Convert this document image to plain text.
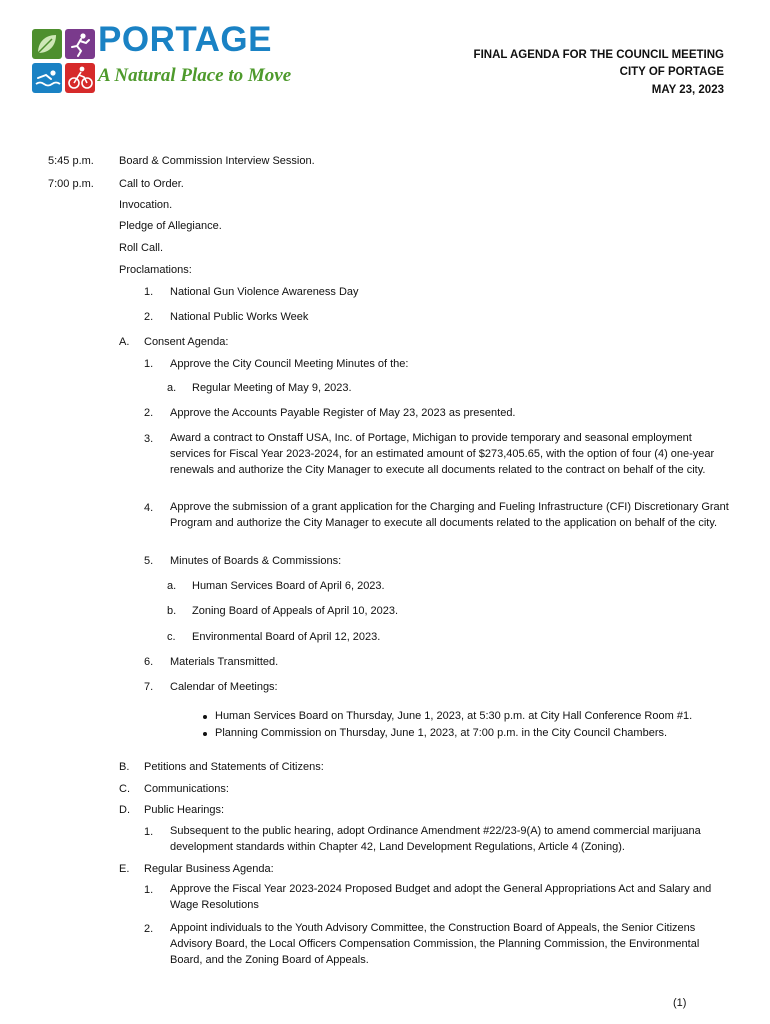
PORTAGE
A Natural Place to Move
FINAL AGENDA FOR THE COUNCIL MEETING
CITY OF PORTAGE
MAY 23, 2023
5:45 p.m. Board & Commission Interview Session.
7:00 p.m. Call to Order.
Invocation.
Pledge of Allegiance.
Roll Call.
Proclamations:
1. National Gun Violence Awareness Day
2. National Public Works Week
A. Consent Agenda:
1. Approve the City Council Meeting Minutes of the:
a. Regular Meeting of May 9, 2023.
2. Approve the Accounts Payable Register of May 23, 2023 as presented.
3. Award a contract to Onstaff USA, Inc. of Portage, Michigan to provide temporary and seasonal employment services for Fiscal Year 2023-2024, for an estimated amount of $273,405.65, with the option of four (4) one-year renewals and authorize the City Manager to execute all documents related to the contract on behalf of the city.
4. Approve the submission of a grant application for the Charging and Fueling Infrastructure (CFI) Discretionary Grant Program and authorize the City Manager to execute all documents related to the application on behalf of the city.
5. Minutes of Boards & Commissions:
a. Human Services Board of April 6, 2023.
b. Zoning Board of Appeals of April 10, 2023.
c. Environmental Board of April 12, 2023.
6. Materials Transmitted.
7. Calendar of Meetings:
Human Services Board on Thursday, June 1, 2023, at 5:30 p.m. at City Hall Conference Room #1.
Planning Commission on Thursday, June 1, 2023, at 7:00 p.m. in the City Council Chambers.
B. Petitions and Statements of Citizens:
C. Communications:
D. Public Hearings:
1. Subsequent to the public hearing, adopt Ordinance Amendment #22/23-9(A) to amend commercial marijuana development standards within Chapter 42, Land Development Regulations, Article 4 (Zoning).
E. Regular Business Agenda:
1. Approve the Fiscal Year 2023-2024 Proposed Budget and adopt the General Appropriations Act and Salary and Wage Resolutions
2. Appoint individuals to the Youth Advisory Committee, the Construction Board of Appeals, the Senior Citizens Advisory Board, the Local Officers Compensation Commission, the Planning Commission, the Environmental Board, and the Zoning Board of Appeals.
(1)
